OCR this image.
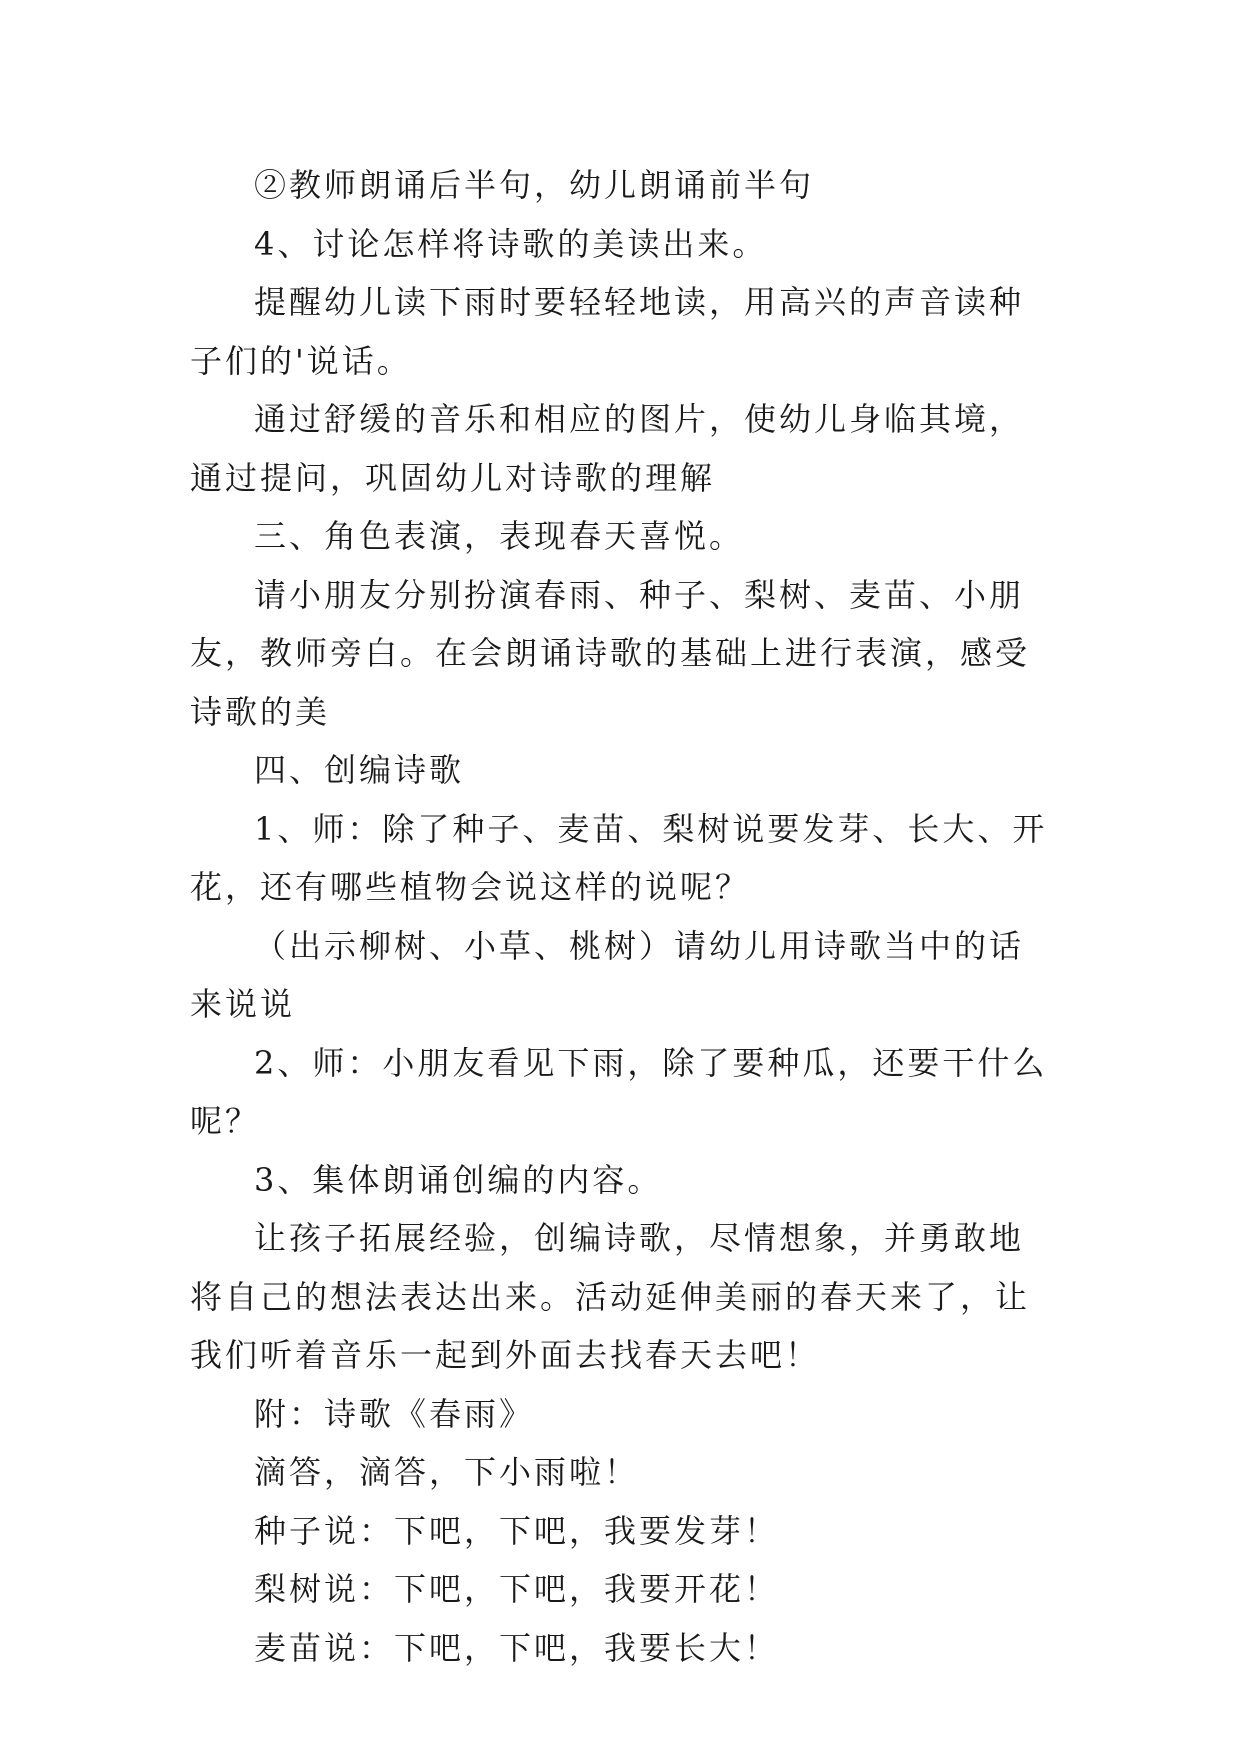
②教师朗诵后半句，幼儿朗诵前半句

4、讨论怎样将诗歌的美读出来。

提醒幼儿读下雨时要轻轻地读，用高兴的声音读种子们的'说话。

通过舒缓的音乐和相应的图片，使幼儿身临其境，通过提问，巩固幼儿对诗歌的理解

三、角色表演，表现春天喜悦。

请小朋友分别扮演春雨、种子、梨树、麦苗、小朋友，教师旁白。在会朗诵诗歌的基础上进行表演，感受诗歌的美

四、创编诗歌

1、师：除了种子、麦苗、梨树说要发芽、长大、开花，还有哪些植物会说这样的说呢？

（出示柳树、小草、桃树）请幼儿用诗歌当中的话来说说

2、师：小朋友看见下雨，除了要种瓜，还要干什么呢？

3、集体朗诵创编的内容。

让孩子拓展经验，创编诗歌，尽情想象，并勇敢地将自己的想法表达出来。活动延伸美丽的春天来了，让我们听着音乐一起到外面去找春天去吧！

附：诗歌《春雨》

滴答，滴答，下小雨啦！

种子说：下吧，下吧，我要发芽！

梨树说：下吧，下吧，我要开花！

麦苗说：下吧，下吧，我要长大！
